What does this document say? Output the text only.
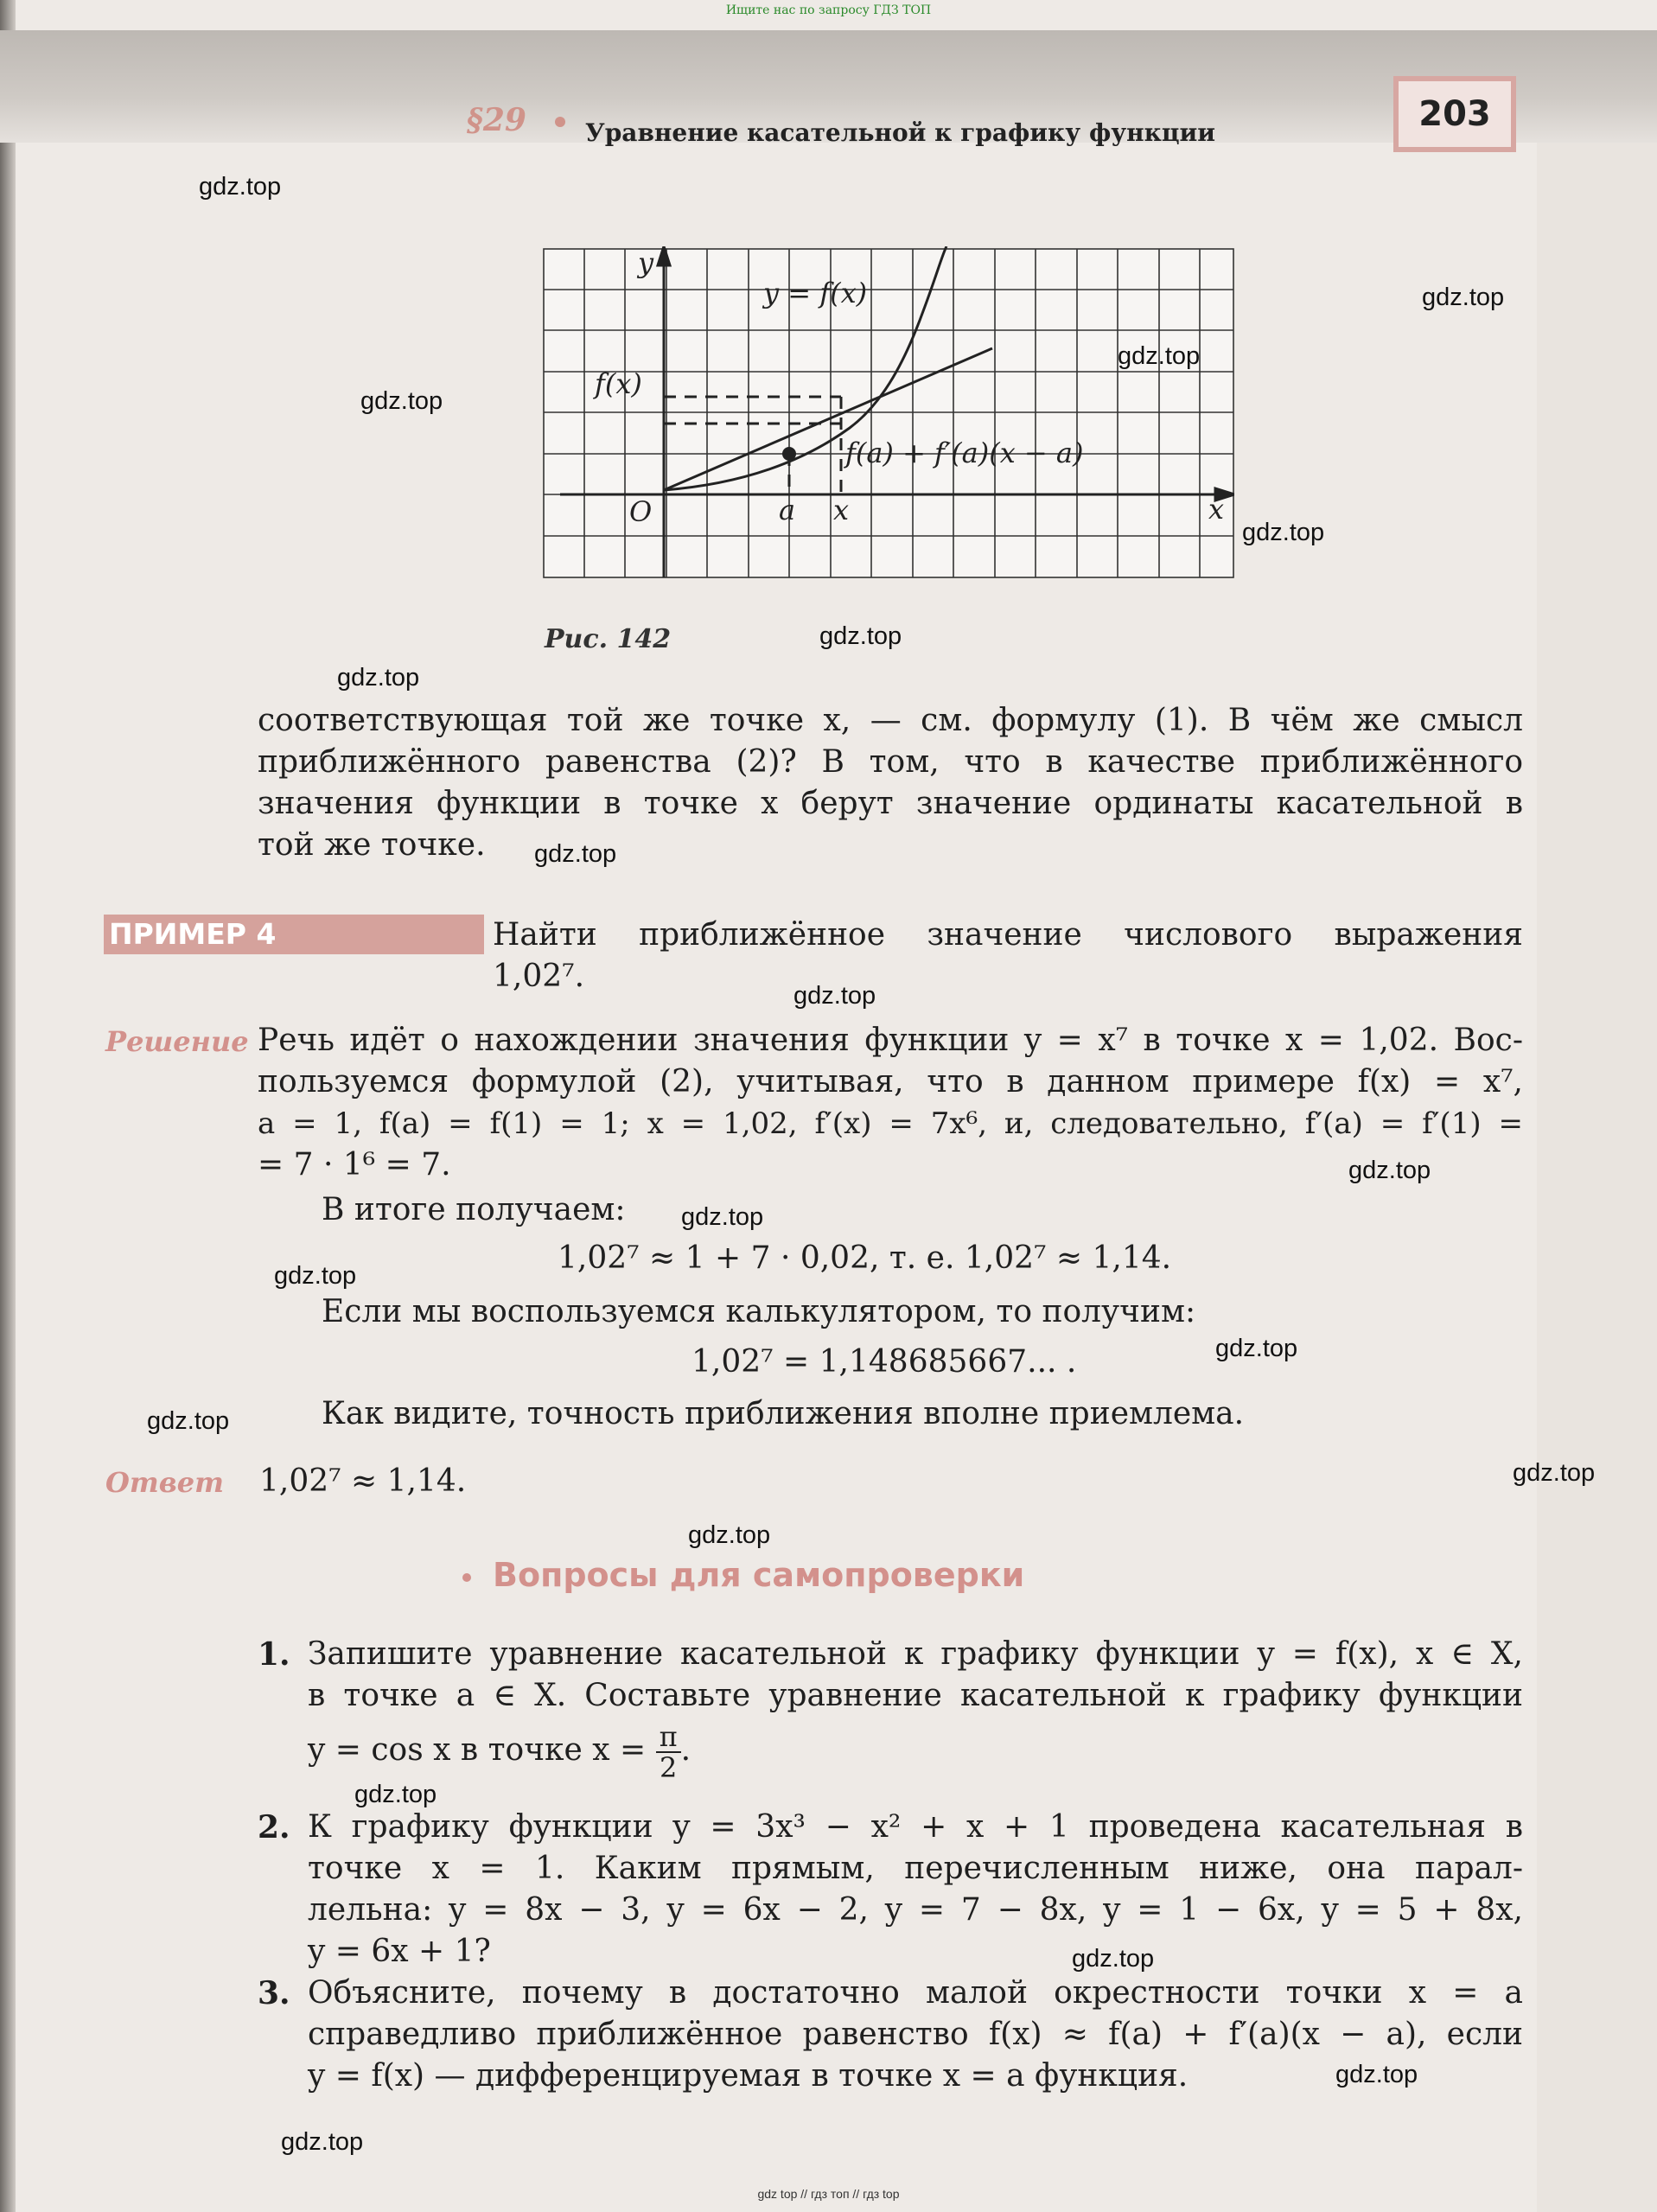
Ищите нас по запросу ГДЗ ТОП
§29 Уравнение касательной к графику функции	203
y
x
O
y = f(x)
f(x)
f(a) + f′(a)(x − a)
a x
Рис. 142
соответствующая той же точке x, — см. формулу (1). В чём же смысл
приближённого равенства (2)? В том, что в качестве приближённого
значения функции в точке x берут значение ординаты касательной в
той же точке.
ПРИМЕР 4	Найти приближённое значение числового выражения
1,02⁷.
Решение Речь идёт о нахождении значения функции y = x⁷ в точке x = 1,02. Вос-
пользуемся формулой (2), учитывая, что в данном примере f(x) = x⁷,
a = 1, f(a) = f(1) = 1; x = 1,02, f′(x) = 7x⁶, и, следовательно, f′(a) = f′(1) =
= 7 · 1⁶ = 7.
В итоге получаем:
1,02⁷ ≈ 1 + 7 · 0,02, т. е. 1,02⁷ ≈ 1,14.
Если мы воспользуемся калькулятором, то получим:
1,02⁷ = 1,148685667... .
Как видите, точность приближения вполне приемлема.
Ответ 1,02⁷ ≈ 1,14.
Вопросы для самопроверки
1. Запишите уравнение касательной к графику функции y = f(x), x ∈ X,
в точке a ∈ X. Составьте уравнение касательной к графику функции
y = cos x в точке $x = \frac{\pi}{2}$ .
2. К графику функции y = 3x³ − x² + x + 1 проведена касательная в
точке x = 1. Каким прямым, перечисленным ниже, она парал-
лельна: y = 8x − 3, y = 6x − 2, y = 7 − 8x, y = 1 − 6x, y = 5 + 8x,
y = 6x + 1?
3. Объясните, почему в достаточно малой окрестности точки x = a
справедливо приближённое равенство f(x) ≈ f(a) + f′(a)(x − a), если
y = f(x) — дифференцируемая в точке x = a функция.
gdz.top
gdz.top
gdz.top
gdz.top
gdz.top
gdz.top
gdz.top
gdz.top
gdz.top
gdz.top
gdz.top
gdz.top
gdz.top
gdz.top
gdz.top
gdz.top
gdz.top
gdz.top
gdz.top
gdz.top
gdz top // гдз топ // гдз top
